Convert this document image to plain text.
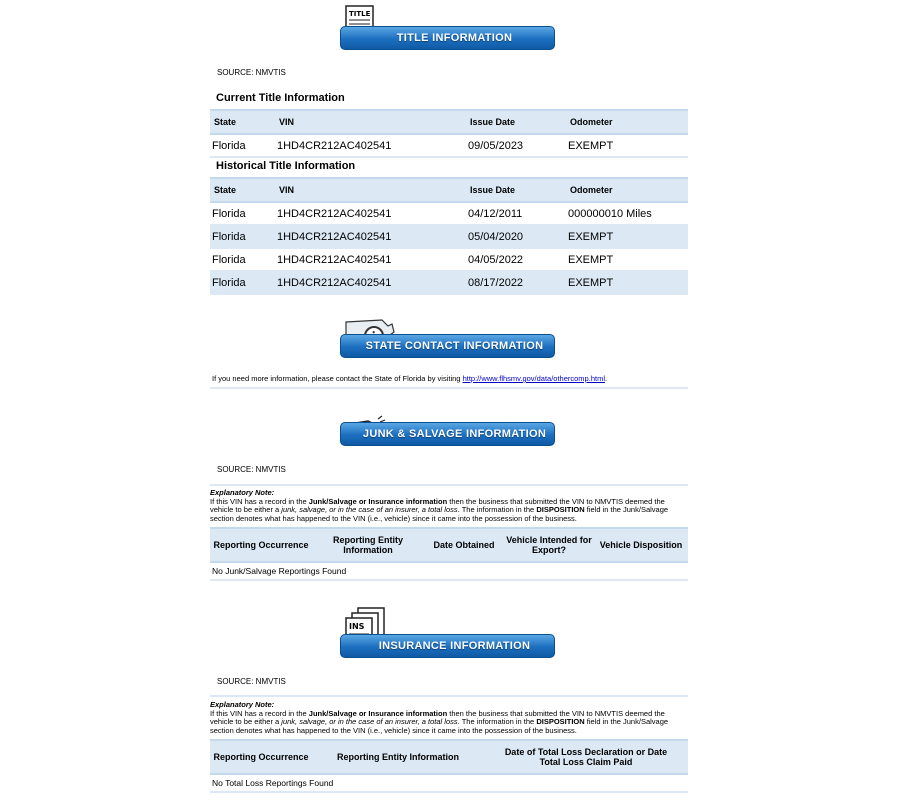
TITLE
TITLE INFORMATION
SOURCE: NMVTIS
Current Title Information
State	VIN	Issue Date	Odometer
Florida	1HD4CR212AC402541	09/05/2023	EXEMPT
Historical Title Information
State	VIN	Issue Date	Odometer
Florida	1HD4CR212AC402541	04/12/2011	000000010 Miles
Florida	1HD4CR212AC402541	05/04/2020	EXEMPT
Florida	1HD4CR212AC402541	04/05/2022	EXEMPT
Florida	1HD4CR212AC402541	08/17/2022	EXEMPT
STATE CONTACT INFORMATION
If you need more information, please contact the State of Florida by visiting http://www.flhsmv.gov/data/othercomp.html.
JUNK & SALVAGE INFORMATION
SOURCE: NMVTIS
Explanatory Note:
If this VIN has a record in the Junk/Salvage or Insurance information then the business that submitted the VIN to NMVTIS deemed the vehicle to be either a junk, salvage, or in the case of an insurer, a total loss. The information in the DISPOSITION field in the Junk/Salvage section denotes what has happened to the VIN (i.e., vehicle) since it came into the possession of the business.
Reporting Occurrence	Reporting Entity Information	Date Obtained	Vehicle Intended for Export?	Vehicle Disposition
No Junk/Salvage Reportings Found
INS
INSURANCE INFORMATION
SOURCE: NMVTIS
Explanatory Note:
If this VIN has a record in the Junk/Salvage or Insurance information then the business that submitted the VIN to NMVTIS deemed the vehicle to be either a junk, salvage, or in the case of an insurer, a total loss. The information in the DISPOSITION field in the Junk/Salvage section denotes what has happened to the VIN (i.e., vehicle) since it came into the possession of the business.
Reporting Occurrence	Reporting Entity Information	Date of Total Loss Declaration or Date Total Loss Claim Paid
No Total Loss Reportings Found
